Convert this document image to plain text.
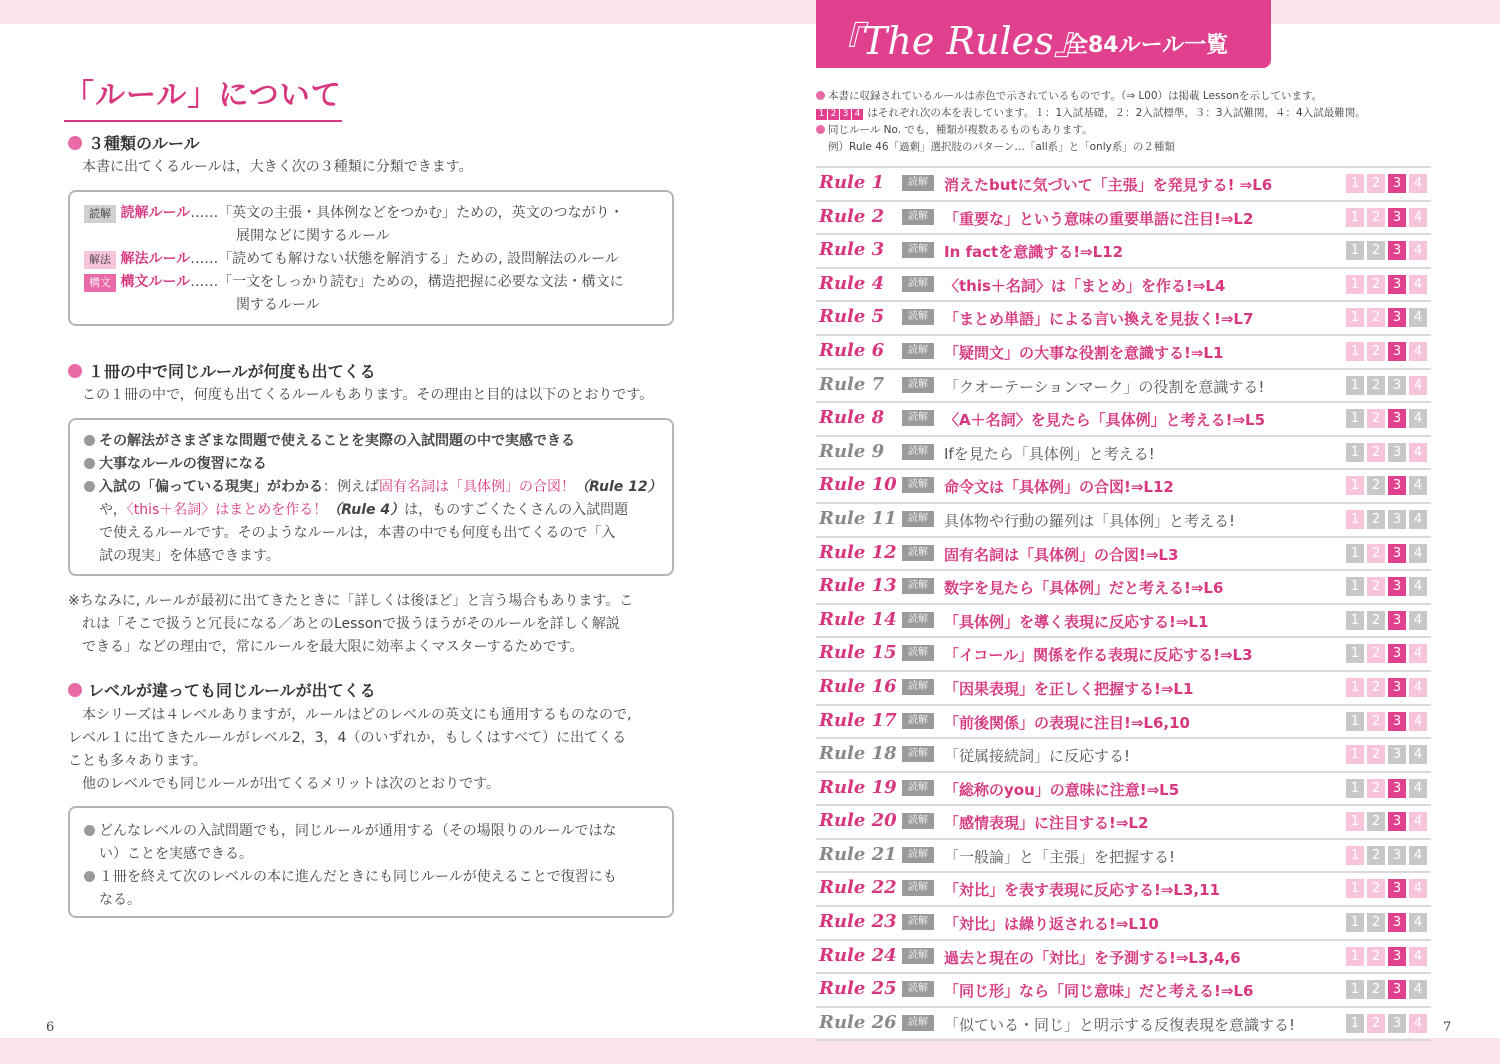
「ルール」について
３種類のルール
本書に出てくるルールは，大きく次の３種類に分類できます。
読解 読解ルール……「英文の主張・具体例などをつかむ」ための，英文のつながり・
展開などに関するルール
解法 解法ルール……「読めても解けない状態を解消する」ための, 設問解法のルール
構文 構文ルール……「一文をしっかり読む」ための，構造把握に必要な文法・構文に
関するルール
１冊の中で同じルールが何度も出てくる
この１冊の中で，何度も出てくるルールもあります。その理由と目的は以下のとおりです。
その解法がさまざまな問題で使えることを実際の入試問題の中で実感できる
大事なルールの復習になる
入試の「偏っている現実」がわかる：例えば固有名詞は「具体例」の合図！（Rule 12）
や，〈this＋名詞〉はまとめを作る！（Rule 4）は，ものすごくたくさんの入試問題
で使えるルールです。そのようなルールは，本書の中でも何度も出てくるので「入
試の現実」を体感できます。
※ちなみに, ルールが最初に出てきたときに「詳しくは後ほど」と言う場合もあります。こ
れは「そこで扱うと冗長になる／あとのLessonで扱うほうがそのルールを詳しく解説
できる」などの理由で，常にルールを最大限に効率よくマスターするためです。
レベルが違っても同じルールが出てくる
本シリーズは４レベルありますが，ルールはどのレベルの英文にも通用するものなので,
レベル１に出てきたルールがレベル2，3，4（のいずれか，もしくはすべて）に出てくる
ことも多々あります。
他のレベルでも同じルールが出てくるメリットは次のとおりです。
どんなレベルの入試問題でも，同じルールが通用する（その場限りのルールではな
い）ことを実感できる。
１冊を終えて次のレベルの本に進んだときにも同じルールが使えることで復習にも
なる。
6
『The Rules』
全84ルール一覧
本書に収録されているルールは赤色で示されているものです。（⇒ L00）は掲載 Lessonを示しています。
1 2 3 4 はそれぞれ次の本を表しています。１：1入試基礎，２：2入試標準，３：3入試難関，４：4入試最難関。
同じルール No. でも，種類が複数あるものもあります。
例）Rule 46「過剰」選択肢のパターン…「all系」と「only系」の２種類
Rule 1	読解	消えたbutに気づいて「主張」を発見する! ⇒L6	1 2 3 4
Rule 2	読解	「重要な」という意味の重要単語に注目!⇒L2	1 2 3 4
Rule 3	読解	In factを意識する!⇒L12	1 2 3 4
Rule 4	読解	〈this＋名詞〉は「まとめ」を作る!⇒L4	1 2 3 4
Rule 5	読解	「まとめ単語」による言い換えを見抜く!⇒L7	1 2 3 4
Rule 6	読解	「疑問文」の大事な役割を意識する!⇒L1	1 2 3 4
Rule 7	読解	「クオーテーションマーク」の役割を意識する!	1 2 3 4
Rule 8	読解	〈A＋名詞〉を見たら「具体例」と考える!⇒L5	1 2 3 4
Rule 9	読解	Ifを見たら「具体例」と考える!	1 2 3 4
Rule 10	読解	命令文は「具体例」の合図!⇒L12	1 2 3 4
Rule 11	読解	具体物や行動の羅列は「具体例」と考える!	1 2 3 4
Rule 12	読解	固有名詞は「具体例」の合図!⇒L3	1 2 3 4
Rule 13	読解	数字を見たら「具体例」だと考える!⇒L6	1 2 3 4
Rule 14	読解	「具体例」を導く表現に反応する!⇒L1	1 2 3 4
Rule 15	読解	「イコール」関係を作る表現に反応する!⇒L3	1 2 3 4
Rule 16	読解	「因果表現」を正しく把握する!⇒L1	1 2 3 4
Rule 17	読解	「前後関係」の表現に注目!⇒L6,10	1 2 3 4
Rule 18	読解	「従属接続詞」に反応する!	1 2 3 4
Rule 19	読解	「総称のyou」の意味に注意!⇒L5	1 2 3 4
Rule 20	読解	「感情表現」に注目する!⇒L2	1 2 3 4
Rule 21	読解	「一般論」と「主張」を把握する!	1 2 3 4
Rule 22	読解	「対比」を表す表現に反応する!⇒L3,11	1 2 3 4
Rule 23	読解	「対比」は繰り返される!⇒L10	1 2 3 4
Rule 24	読解	過去と現在の「対比」を予測する!⇒L3,4,6	1 2 3 4
Rule 25	読解	「同じ形」なら「同じ意味」だと考える!⇒L6	1 2 3 4
Rule 26	読解	「似ている・同じ」と明示する反復表現を意識する!	1 2 3 4	7
